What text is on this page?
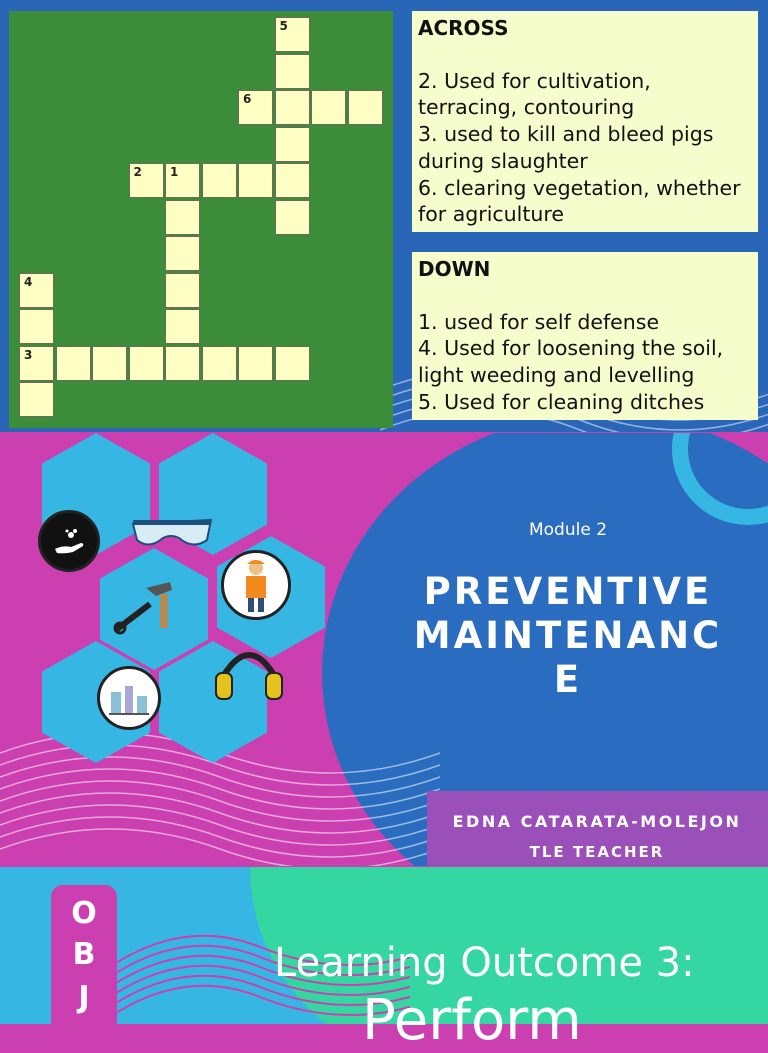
5
6
2 1
4
3
ACROSS
2. Used for cultivation, terracing, contouring
3. used to kill and bleed pigs during slaughter
6. clearing vegetation, whether for agriculture
DOWN
1. used for self defense
4. Used for loosening the soil, light weeding and levelling
5. Used for cleaning ditches
Module 2
PREVENTIVE MAINTENANC E
EDNA CATARATA-MOLEJON
TLE TEACHER
O
B
J
Learning Outcome 3:
Perform
